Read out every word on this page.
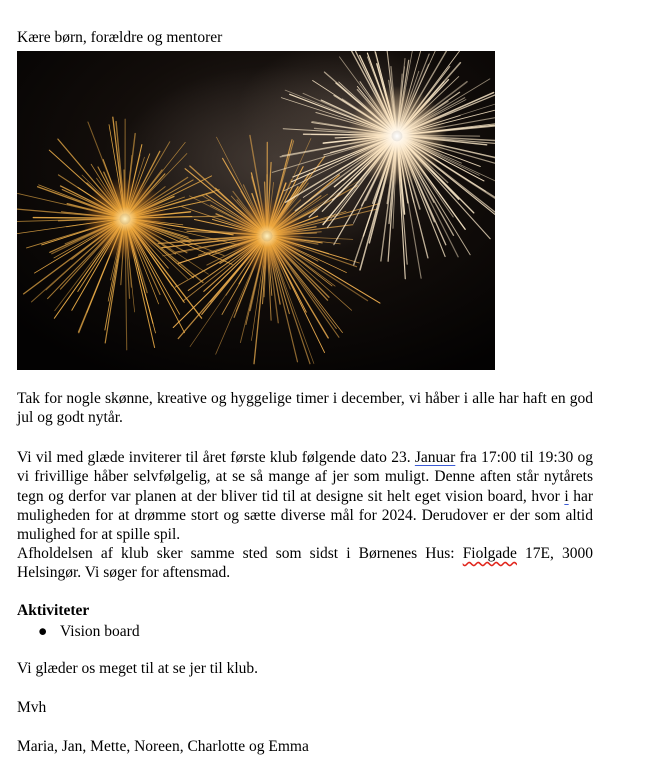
Kære børn, forældre og mentorer

Tak for nogle skønne, kreative og hyggelige timer i december, vi håber i alle har haft en god jul og godt nytår.

Vi vil med glæde inviterer til året første klub følgende dato 23. Januar fra 17:00 til 19:30 og vi frivillige håber selvfølgelig, at se så mange af jer som muligt. Denne aften står nytårets tegn og derfor var planen at der bliver tid til at designe sit helt eget vision board, hvor i har muligheden for at drømme stort og sætte diverse mål for 2024. Derudover er der som altid mulighed for at spille spil.

Afholdelsen af klub sker samme sted som sidst i Børnenes Hus: Fiolgade 17E, 3000 Helsingør. Vi søger for aftensmad.

Aktiviteter

● Vision board

Vi glæder os meget til at se jer til klub.

Mvh

Maria, Jan, Mette, Noreen, Charlotte og Emma
